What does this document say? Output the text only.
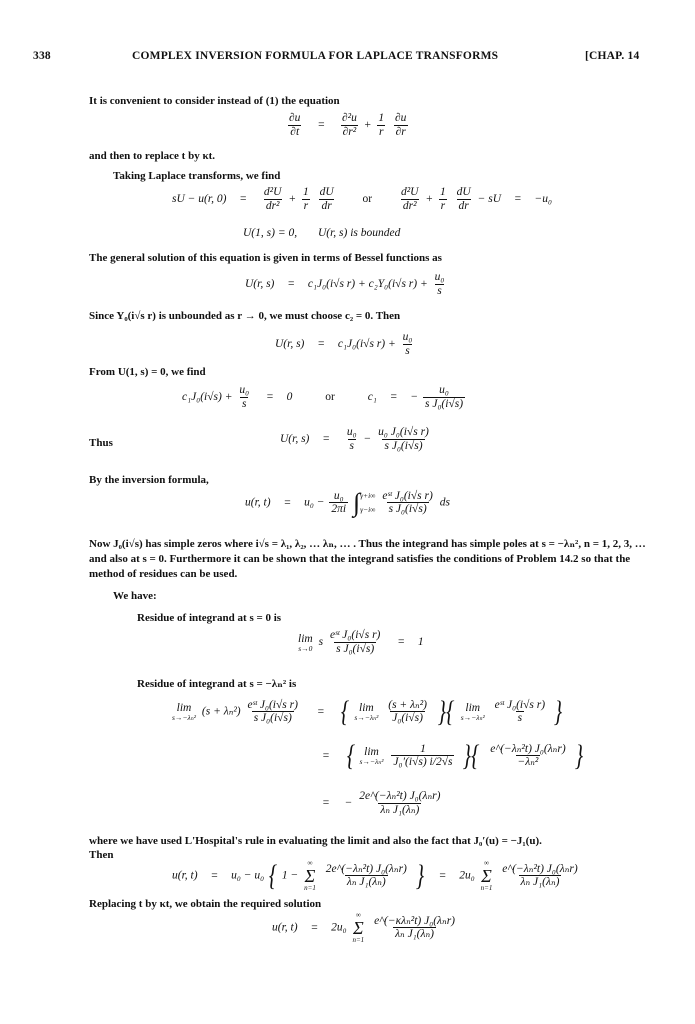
338	COMPLEX INVERSION FORMULA FOR LAPLACE TRANSFORMS	[CHAP. 14
It is convenient to consider instead of (1) the equation
$\frac{\partial u}{\partial t} = \frac{\text{∂²u}}{\text{∂r²}} + \frac{1}{r}$
$\frac{\partial u}{\partial r}$
and then to replace t by κt.
Taking Laplace transforms, we find
sU − u(r, $0) = \frac{\text{d²U}}{\text{dr²}} + \frac{1}{r}$
$\frac{dU}{dr}$ or $\frac{\text{d²U}}{\text{dr²}} + \frac{1}{r}$
$\frac{dU}{dr}$ − sU = −u₀
U(1, s) = 0, U(r, s) is bounded
The general solution of this equation is given in terms of Bessel functions as
U(r, s) = c₁J₀(i√s r) + c₂Y₀(i√s $r) + \frac{\text{u₀}}{s}$
Since Y₀(i√s r) is unbounded as r → 0, we must choose c₂ = 0. Then
U(r, s) = c₁J₀(i√s $r) + \frac{\text{u₀}}{s}$
From U(1, s) = 0, we find
$c_1J_0(i√s) + \frac{\text{u₀}}{s} = 0$	or	c₁ = − $\frac{\text{u₀}}{\text{s J₀(i√s)}}$
Thus	U(r, $s) = \frac{\text{u₀}}{s} - \frac{\text{u₀ J₀(i√s r)}}{\text{s J₀(i√s)}}$
By the inversion formula,
u(r, $t) = u_0 - \frac{\text{u₀}}{2\pi i}$ ∫ γ+i∞
γ−i∞
$\frac{\text{eˢᵗ J₀(i√s r)}}{\text{s J₀(i√s)}}$ ds
Now J₀(i√s) has simple zeros where i√s = λ₁, λ₂, … λₙ, … . Thus the integrand has simple poles at s = −λₙ², n = 1, 2, 3, … and also at s = 0. Furthermore it can be shown that the integrand satisfies the conditions of Problem 14.2 so that the method of residues can be used.
We have:
Residue of integrand at s = 0 is
lim
s→0
s $\frac{\text{eˢᵗ J₀(i√s r)}}{\text{s J₀(i√s)}} = 1$
Residue of integrand at s = −λₙ² is
lim
s→−λₙ²
$(s + \lambda_n^2) \frac{\text{eˢᵗ J₀(i√s r)}}{\text{s J₀(i√s)}}$ = { lim
s→−λₙ²
$\frac{\text{(s + λₙ²)}}{\text{J₀(i√s)}}$ }{ lim
s→−λₙ²
$\frac{\text{eˢᵗ J₀(i√s r)}}{s}$ }
= { lim
s→−λₙ²
$\frac{1}{\text{J₀′(i√s) i/2√s}}$ }{ $\frac{\text{e\textasciicircum{}(−λₙ²t) J₀(λₙr)}}{\text{−λₙ²}}$ }
= − $\frac{\text{2e\textasciicircum{}(−λₙ²t) J₀(λₙr)}}{\text{λₙ J₁(λₙ)}}$
where we have used L'Hospital's rule in evaluating the limit and also the fact that J₀′(u) = −J₁(u).
Then
u(r, t) = u₀ − u₀ { 1 −
∞
Σ
n=1
$\frac{\text{2e\textasciicircum{}(−λₙ²t) J₀(λₙr)}}{\text{λₙ J₁(λₙ)}}$ } = 2u₀
∞
Σ
n=1
$\frac{\text{e\textasciicircum{}(−λₙ²t) J₀(λₙr)}}{\text{λₙ J₁(λₙ)}}$
Replacing t by κt, we obtain the required solution
u(r, t) = 2u₀
∞
Σ
n=1
$\frac{\text{e\textasciicircum{}(−κλₙ²t) J₀(λₙr)}}{\text{λₙ J₁(λₙ)}}$
